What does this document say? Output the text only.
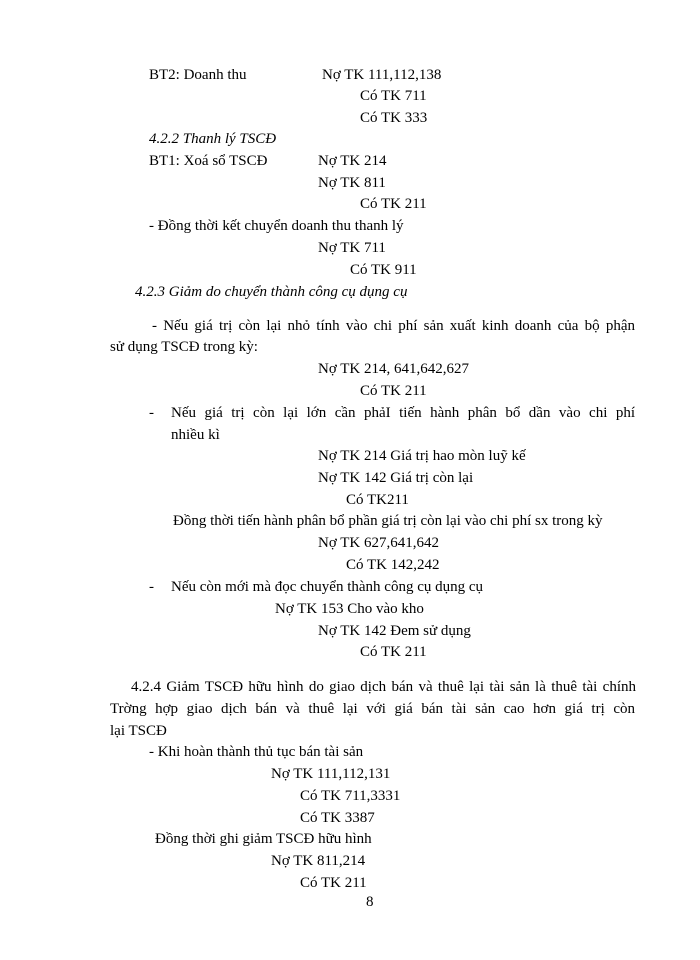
BT2: Doanh thu	Nợ TK 111,112,138
Có TK 711
Có TK 333
4.2.2 Thanh lý TSCĐ
BT1: Xoá sổ TSCĐ	Nợ TK 214
Nợ TK 811
Có TK 211
- Đồng thời kết chuyển doanh thu thanh lý
Nợ TK 711
Có TK 911
4.2.3 Giảm do chuyển thành công cụ dụng cụ
- Nếu giá trị còn lại nhỏ tính vào chi phí sản xuất kinh doanh của bộ phận
sử dụng TSCĐ trong kỳ:
Nợ TK 214, 641,642,627
Có TK 211
- Nếu giá trị còn lại lớn cần phảI tiến hành phân bổ dần vào chi phí
nhiều kì
Nợ TK 214 Giá trị hao mòn luỹ kế
Nợ TK 142 Giá trị còn lại
Có TK211
Đồng thời tiến hành phân bổ phần giá trị còn lại vào chi phí sx trong kỳ
Nợ TK 627,641,642
Có TK 142,242
- Nếu còn mới mà đọc chuyển thành công cụ dụng cụ
Nợ TK 153 Cho vào kho
Nợ TK 142 Đem sử dụng
Có TK 211
4.2.4 Giảm TSCĐ hữu hình do giao dịch bán và thuê lại tài sản là thuê tài chính
Trờng hợp giao dịch bán và thuê lại với giá bán tài sản cao hơn giá trị còn
lại TSCĐ
- Khi hoàn thành thủ tục bán tài sản
Nợ TK 111,112,131
Có TK 711,3331
Có TK 3387
Đồng thời ghi giảm TSCĐ hữu hình
Nợ TK 811,214
Có TK 211
8
